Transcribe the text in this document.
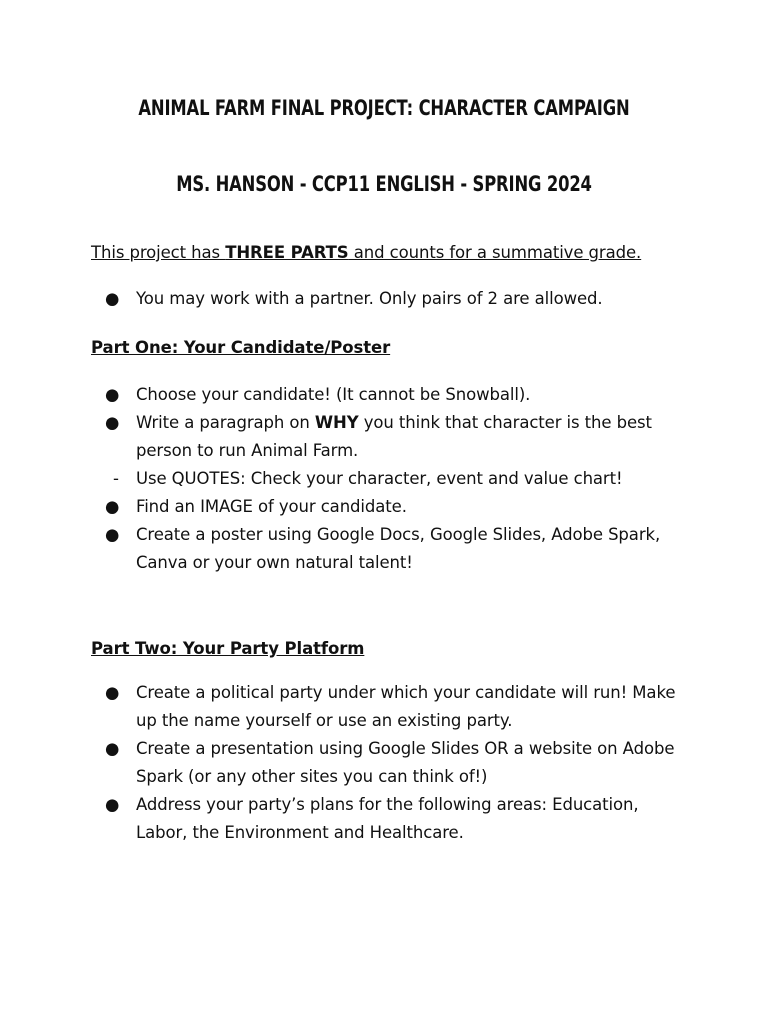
ANIMAL FARM FINAL PROJECT: CHARACTER CAMPAIGN
MS. HANSON - CCP11 ENGLISH - SPRING 2024
This project has THREE PARTS and counts for a summative grade.
● You may work with a partner. Only pairs of 2 are allowed.
Part One: Your Candidate/Poster
● Choose your candidate! (It cannot be Snowball).
● Write a paragraph on WHY you think that character is the best person to run Animal Farm.
- Use QUOTES: Check your character, event and value chart!
● Find an IMAGE of your candidate.
● Create a poster using Google Docs, Google Slides, Adobe Spark, Canva or your own natural talent!
Part Two: Your Party Platform
● Create a political party under which your candidate will run! Make up the name yourself or use an existing party.
● Create a presentation using Google Slides OR a website on Adobe Spark (or any other sites you can think of!)
● Address your party’s plans for the following areas: Education, Labor, the Environment and Healthcare.
